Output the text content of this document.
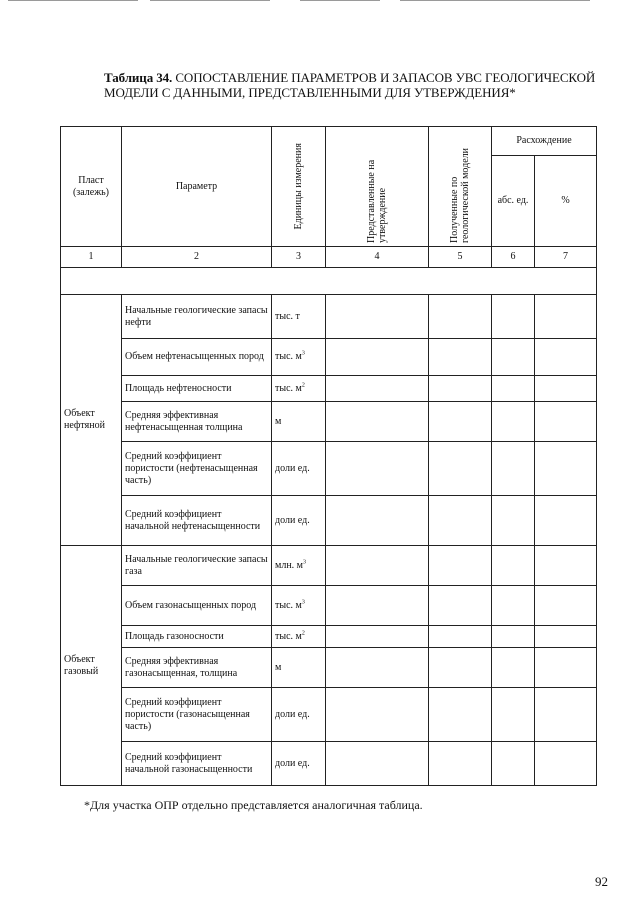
Таблица 34. СОПОСТАВЛЕНИЕ ПАРАМЕТРОВ И ЗАПАСОВ УВС ГЕОЛОГИЧЕСКОЙ МОДЕЛИ С ДАННЫМИ, ПРЕДСТАВЛЕННЫМИ ДЛЯ УТВЕРЖДЕНИЯ*
Пласт (залежь)	Параметр	Единицы измерения	Представленные на утверждение	Полученные по геологической модели	Расхождение	
					абс. ед.	%
1	2	3	4	5	6	7

Объект нефтяной	Начальные геологические запасы нефти	тыс. т				
	Объем нефтенасыщенных пород	тыс. $м^3$				
	Площадь нефтеносности	тыс. $м^2$				
	Средняя эффективная нефтенасыщенная толщина	м				
	Средний коэффициент пористости (нефтенасыщенная часть)	доли ед.				
	Средний коэффициент начальной нефтенасыщенности	доли ед.				
Объект газовый	Начальные геологические запасы газа	млн. $м^3$				
	Объем газонасыщенных пород	тыс. $м^3$				
	Площадь газоносности	тыс. $м^2$				
	Средняя эффективная газонасыщенная, толщина	м				
	Средний коэффициент пористости (газонасыщенная часть)	доли ед.				
	Средний коэффициент начальной газонасыщенности	доли ед.				
*Для участка ОПР отдельно представляется аналогичная таблица.
92
